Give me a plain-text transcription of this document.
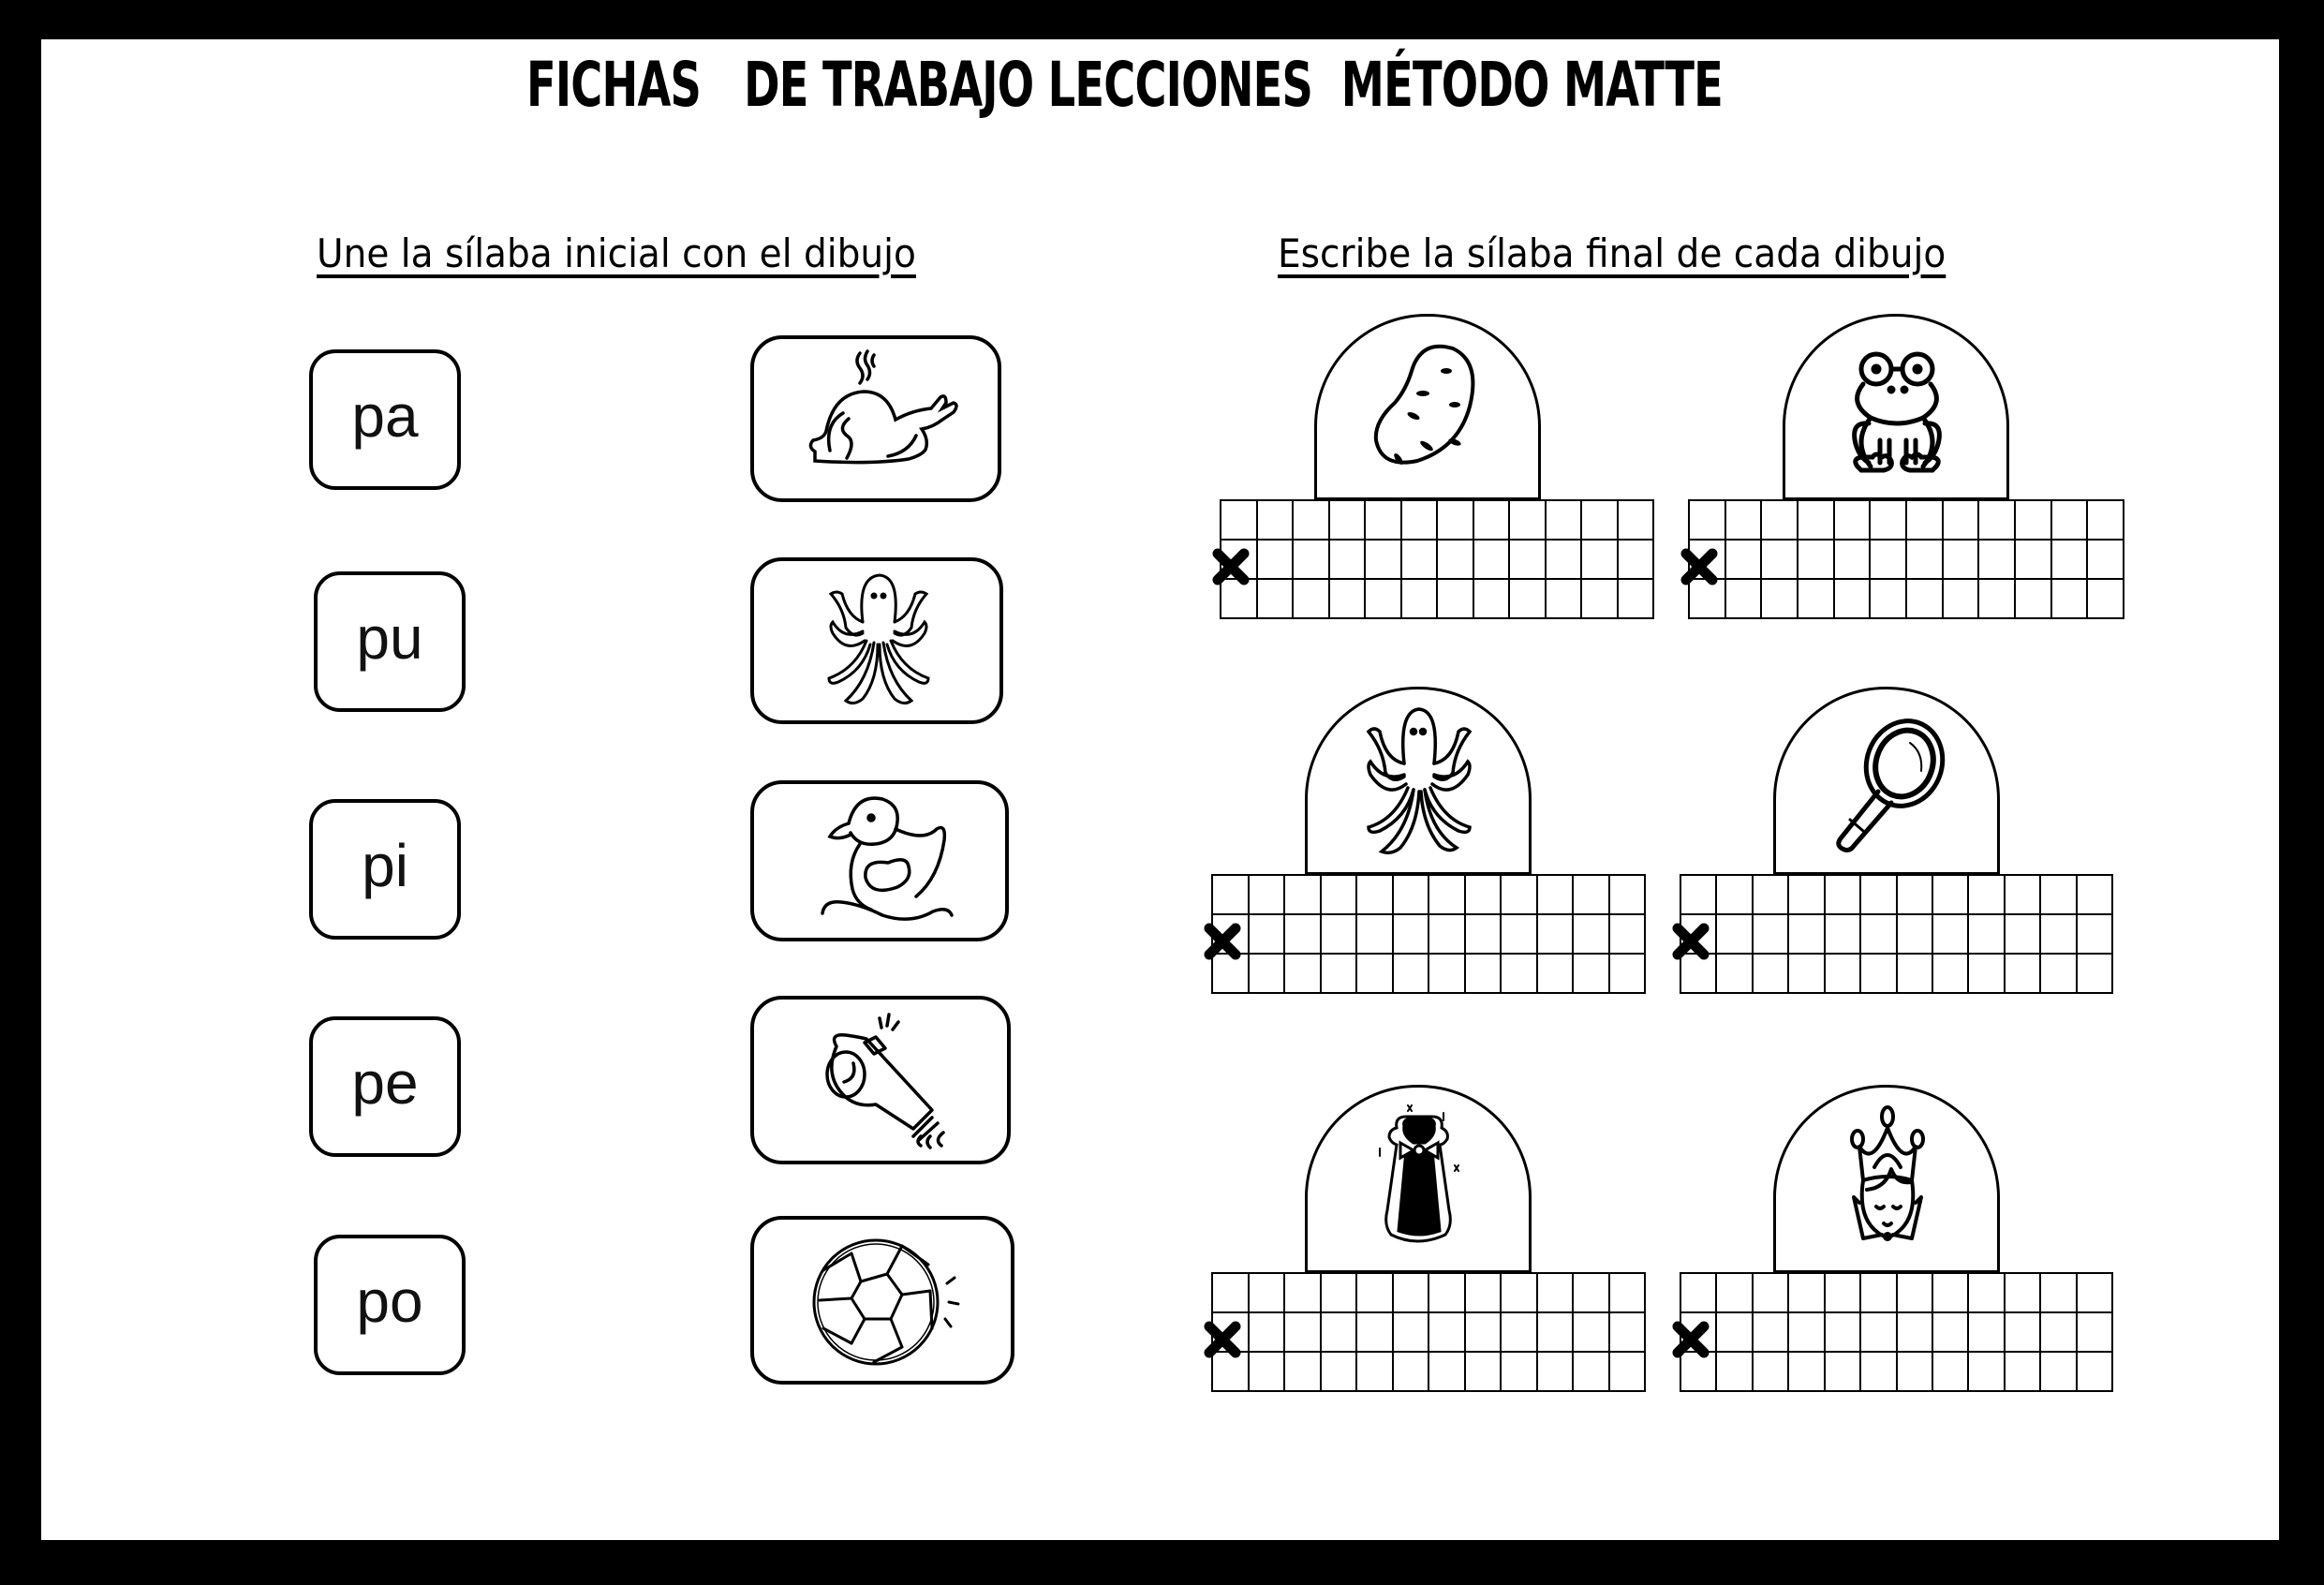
FICHAS   DE TRABAJO LECCIONES  MÉTODO MATTE
Une la sílaba inicial con el dibujo	Escribe la sílaba final de cada dibujo
pa
pu
pi
pe
po
